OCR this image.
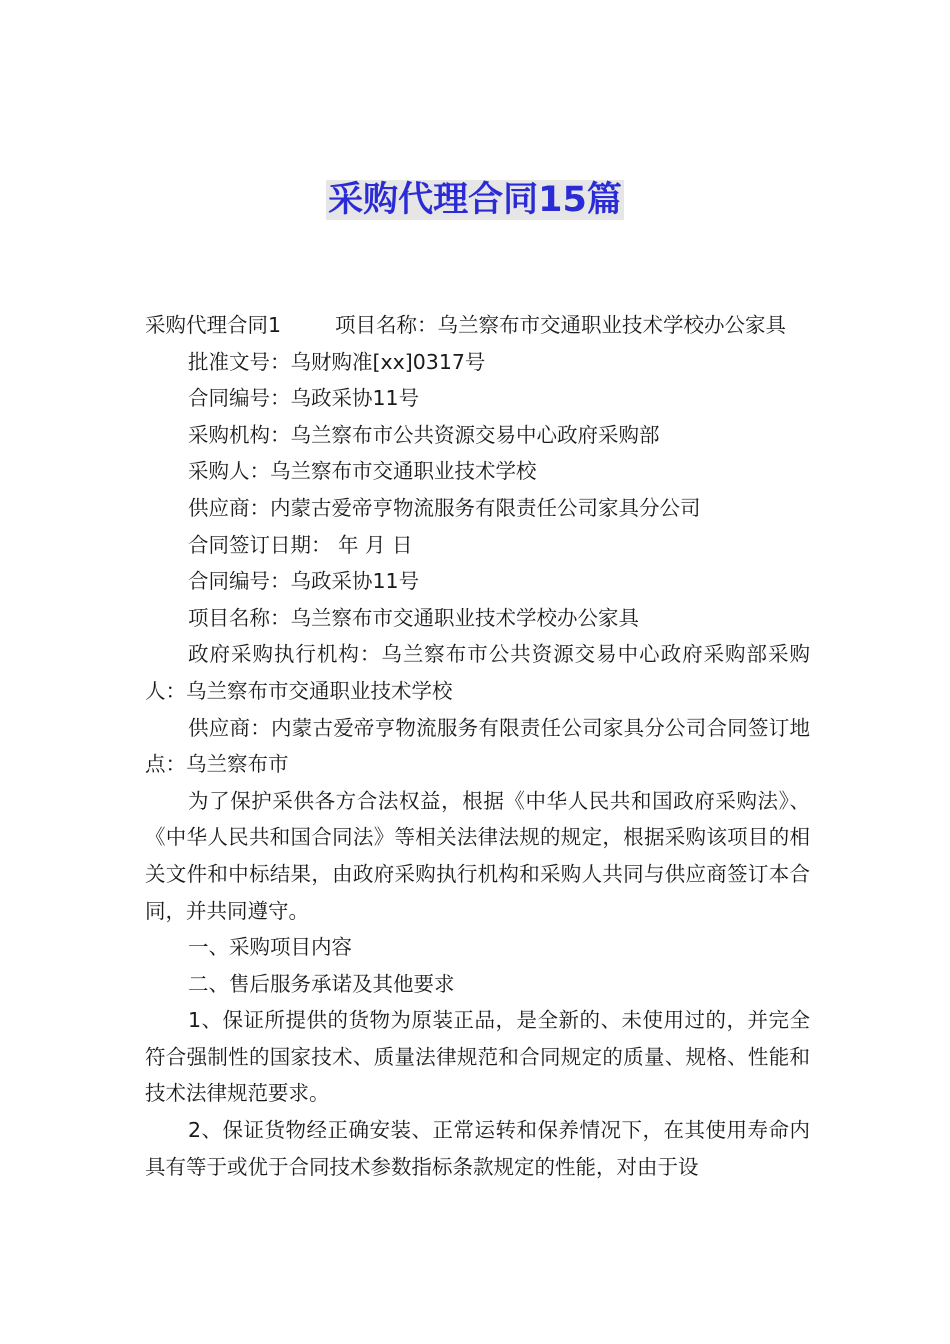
采购代理合同15篇

采购代理合同1	项目名称：乌兰察布市交通职业技术学校办公家具

批准文号：乌财购准[xx]0317号

合同编号：乌政采协11号

采购机构：乌兰察布市公共资源交易中心政府采购部

采购人：乌兰察布市交通职业技术学校

供应商：内蒙古爱帝亨物流服务有限责任公司家具分公司

合同签订日期： 年 月 日

合同编号：乌政采协11号

项目名称：乌兰察布市交通职业技术学校办公家具

政府采购执行机构：乌兰察布市公共资源交易中心政府采购部采购人：乌兰察布市交通职业技术学校

供应商：内蒙古爱帝亨物流服务有限责任公司家具分公司合同签订地点：乌兰察布市

为了保护采供各方合法权益，根据《中华人民共和国政府采购法》、《中华人民共和国合同法》等相关法律法规的规定，根据采购该项目的相关文件和中标结果，由政府采购执行机构和采购人共同与供应商签订本合同，并共同遵守。

一、采购项目内容

二、售后服务承诺及其他要求

1、保证所提供的货物为原装正品，是全新的、未使用过的，并完全符合强制性的国家技术、质量法律规范和合同规定的质量、规格、性能和技术法律规范要求。

2、保证货物经正确安装、正常运转和保养情况下，在其使用寿命内具有等于或优于合同技术参数指标条款规定的性能，对由于设
